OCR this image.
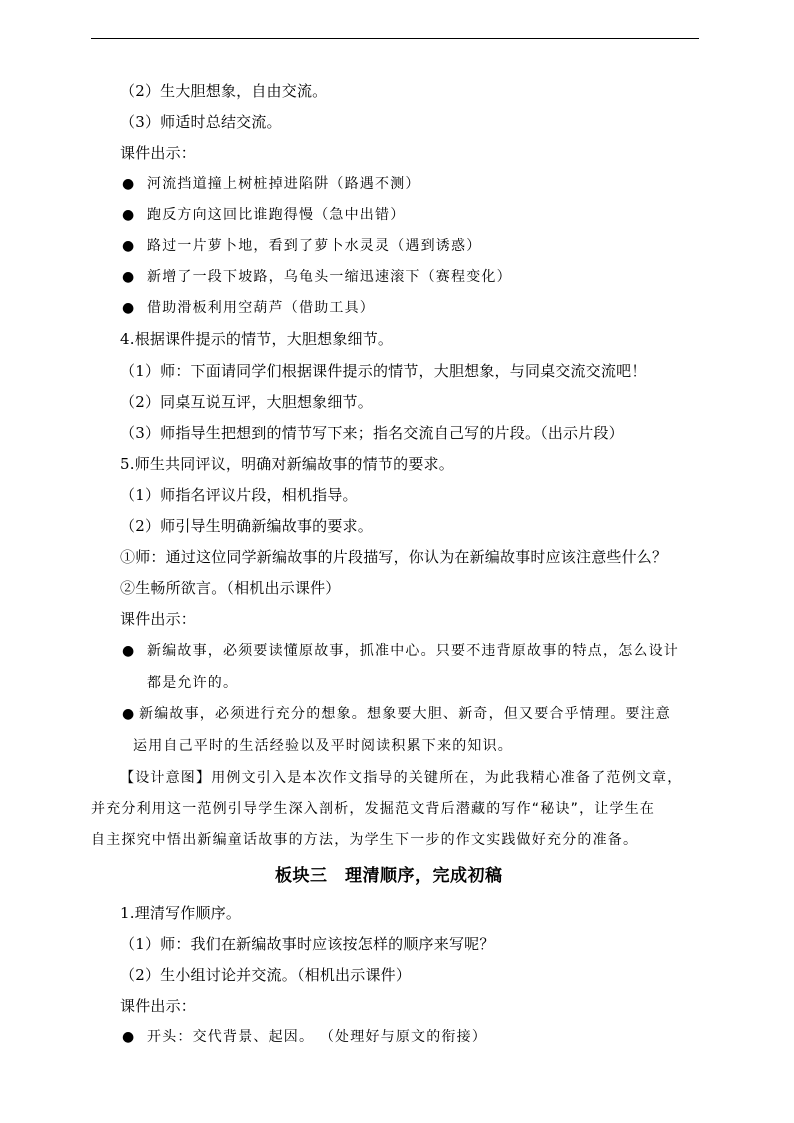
（2）生大胆想象，自由交流。
（3）师适时总结交流。
课件出示：
● 河流挡道撞上树桩掉进陷阱（路遇不测）
● 跑反方向这回比谁跑得慢（急中出错）
● 路过一片萝卜地，看到了萝卜水灵灵（遇到诱惑）
● 新增了一段下坡路，乌龟头一缩迅速滚下（赛程变化）
● 借助滑板利用空葫芦（借助工具）
4.根据课件提示的情节，大胆想象细节。
（1）师：下面请同学们根据课件提示的情节，大胆想象，与同桌交流交流吧！
（2）同桌互说互评，大胆想象细节。
（3）师指导生把想到的情节写下来；指名交流自己写的片段。（出示片段）
5.师生共同评议，明确对新编故事的情节的要求。
（1）师指名评议片段，相机指导。
（2）师引导生明确新编故事的要求。
①师：通过这位同学新编故事的片段描写，你认为在新编故事时应该注意些什么？
②生畅所欲言。（相机出示课件）
课件出示：
● 新编故事，必须要读懂原故事，抓准中心。只要不违背原故事的特点，怎么设计
都是允许的。
● 新编故事，必须进行充分的想象。想象要大胆、新奇，但又要合乎情理。要注意
运用自己平时的生活经验以及平时阅读积累下来的知识。
【设计意图】用例文引入是本次作文指导的关键所在，为此我精心准备了范例文章，
并充分利用这一范例引导学生深入剖析，发掘范文背后潜藏的写作“秘诀”，让学生在
自主探究中悟出新编童话故事的方法，为学生下一步的作文实践做好充分的准备。
板块三　理清顺序，完成初稿
1.理清写作顺序。
（1）师：我们在新编故事时应该按怎样的顺序来写呢？
（2）生小组讨论并交流。（相机出示课件）
课件出示：
● 开头：交代背景、起因。 （处理好与原文的衔接）
